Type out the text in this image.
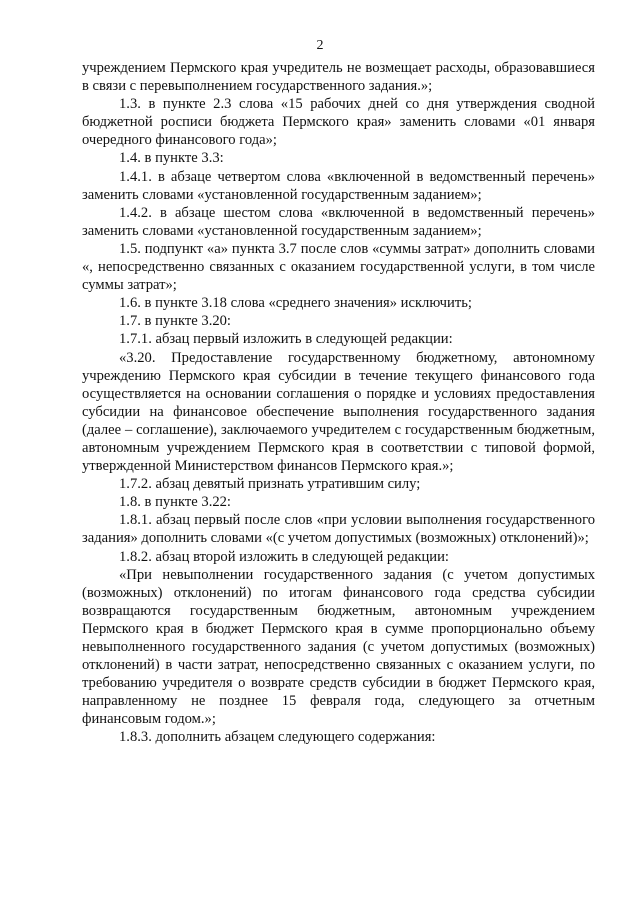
2

учреждением Пермского края учредитель не возмещает расходы, образовавшиеся в связи с перевыполнением государственного задания.»;

1.3. в пункте 2.3 слова «15 рабочих дней со дня утверждения сводной бюджетной росписи бюджета Пермского края» заменить словами «01 января очередного финансового года»;

1.4. в пункте 3.3:

1.4.1. в абзаце четвертом слова «включенной в ведомственный перечень» заменить словами «установленной государственным заданием»;

1.4.2. в абзаце шестом слова «включенной в ведомственный перечень» заменить словами «установленной государственным заданием»;

1.5. подпункт «а» пункта 3.7 после слов «суммы затрат» дополнить словами «, непосредственно связанных с оказанием государственной услуги, в том числе суммы затрат»;

1.6. в пункте 3.18 слова «среднего значения» исключить;

1.7. в пункте 3.20:

1.7.1. абзац первый изложить в следующей редакции:

«3.20. Предоставление государственному бюджетному, автономному учреждению Пермского края субсидии в течение текущего финансового года осуществляется на основании соглашения о порядке и условиях предоставления субсидии на финансовое обеспечение выполнения государственного задания (далее – соглашение), заключаемого учредителем с государственным бюджетным, автономным учреждением Пермского края в соответствии с типовой формой, утвержденной Министерством финансов Пермского края.»;

1.7.2. абзац девятый признать утратившим силу;

1.8. в пункте 3.22:

1.8.1. абзац первый после слов «при условии выполнения государственного задания» дополнить словами «(с учетом допустимых (возможных) отклонений)»;

1.8.2. абзац второй изложить в следующей редакции:

«При невыполнении государственного задания (с учетом допустимых (возможных) отклонений) по итогам финансового года средства субсидии возвращаются государственным бюджетным, автономным учреждением Пермского края в бюджет Пермского края в сумме пропорционально объему невыполненного государственного задания (с учетом допустимых (возможных) отклонений) в части затрат, непосредственно связанных с оказанием услуги, по требованию учредителя о возврате средств субсидии в бюджет Пермского края, направленному не позднее 15 февраля года, следующего за отчетным финансовым годом.»;

1.8.3. дополнить абзацем следующего содержания:
